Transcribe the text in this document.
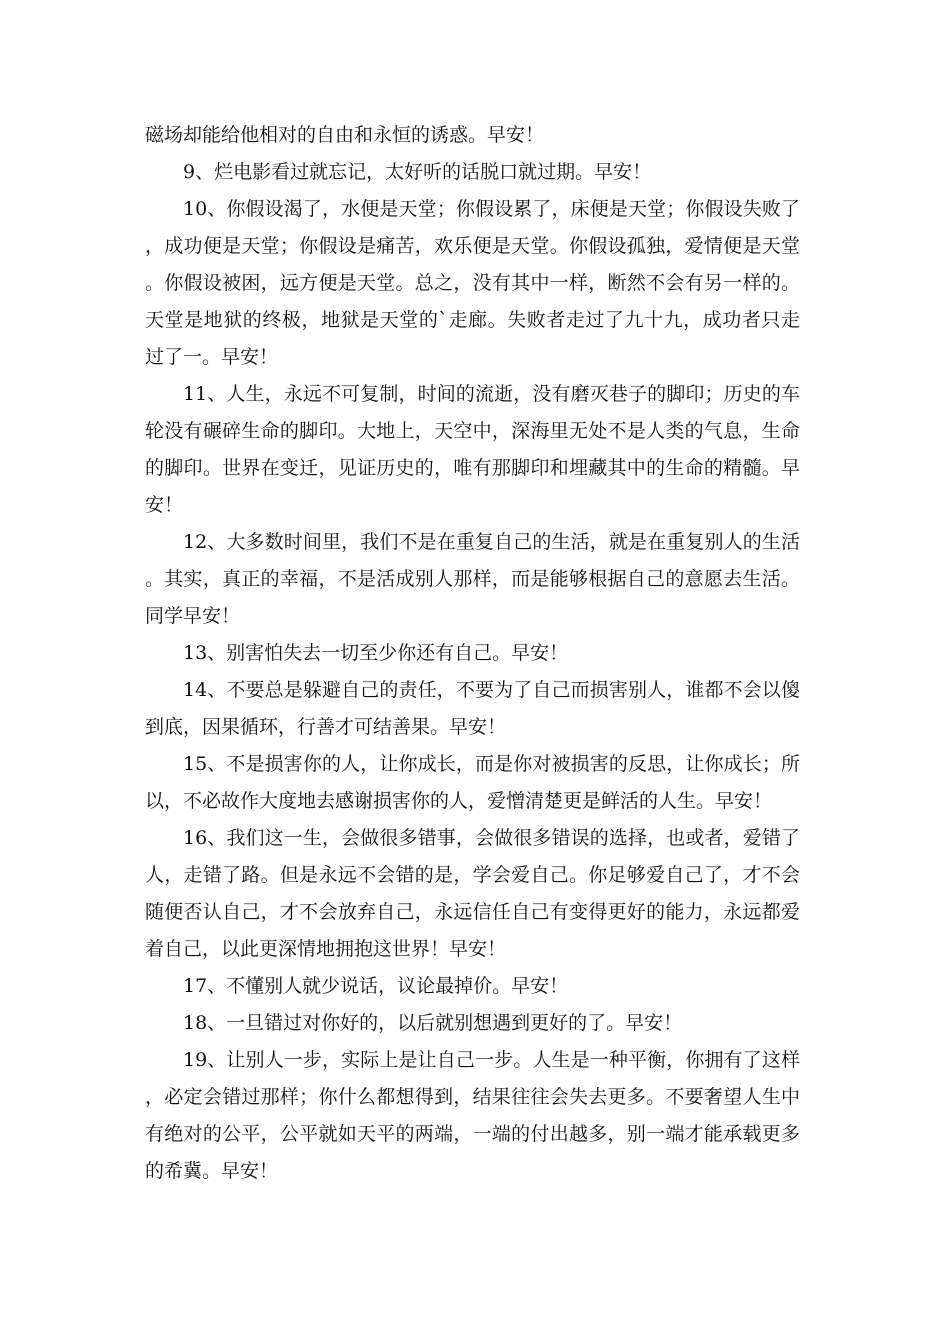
磁场却能给他相对的自由和永恒的诱惑。早安！

9、烂电影看过就忘记，太好听的话脱口就过期。早安！

10、你假设渴了，水便是天堂；你假设累了，床便是天堂；你假设失败了，成功便是天堂；你假设是痛苦，欢乐便是天堂。你假设孤独，爱情便是天堂。你假设被困，远方便是天堂。总之，没有其中一样，断然不会有另一样的。天堂是地狱的终极，地狱是天堂的`走廊。失败者走过了九十九，成功者只走过了一。早安！

11、人生，永远不可复制，时间的流逝，没有磨灭巷子的脚印；历史的车轮没有碾碎生命的脚印。大地上，天空中，深海里无处不是人类的气息，生命的脚印。世界在变迁，见证历史的，唯有那脚印和埋藏其中的生命的精髓。早安！

12、大多数时间里，我们不是在重复自己的生活，就是在重复别人的生活。其实，真正的幸福，不是活成别人那样，而是能够根据自己的意愿去生活。同学早安！

13、别害怕失去一切至少你还有自己。早安！

14、不要总是躲避自己的责任，不要为了自己而损害别人，谁都不会以傻到底，因果循环，行善才可结善果。早安！

15、不是损害你的人，让你成长，而是你对被损害的反思，让你成长；所以，不必故作大度地去感谢损害你的人，爱憎清楚更是鲜活的人生。早安！

16、我们这一生，会做很多错事，会做很多错误的选择，也或者，爱错了人，走错了路。但是永远不会错的是，学会爱自己。你足够爱自己了，才不会随便否认自己，才不会放弃自己，永远信任自己有变得更好的能力，永远都爱着自己，以此更深情地拥抱这世界！早安！

17、不懂别人就少说话，议论最掉价。早安！

18、一旦错过对你好的，以后就别想遇到更好的了。早安！

19、让别人一步，实际上是让自己一步。人生是一种平衡，你拥有了这样，必定会错过那样；你什么都想得到，结果往往会失去更多。不要奢望人生中有绝对的公平，公平就如天平的两端，一端的付出越多，别一端才能承载更多的希冀。早安！
